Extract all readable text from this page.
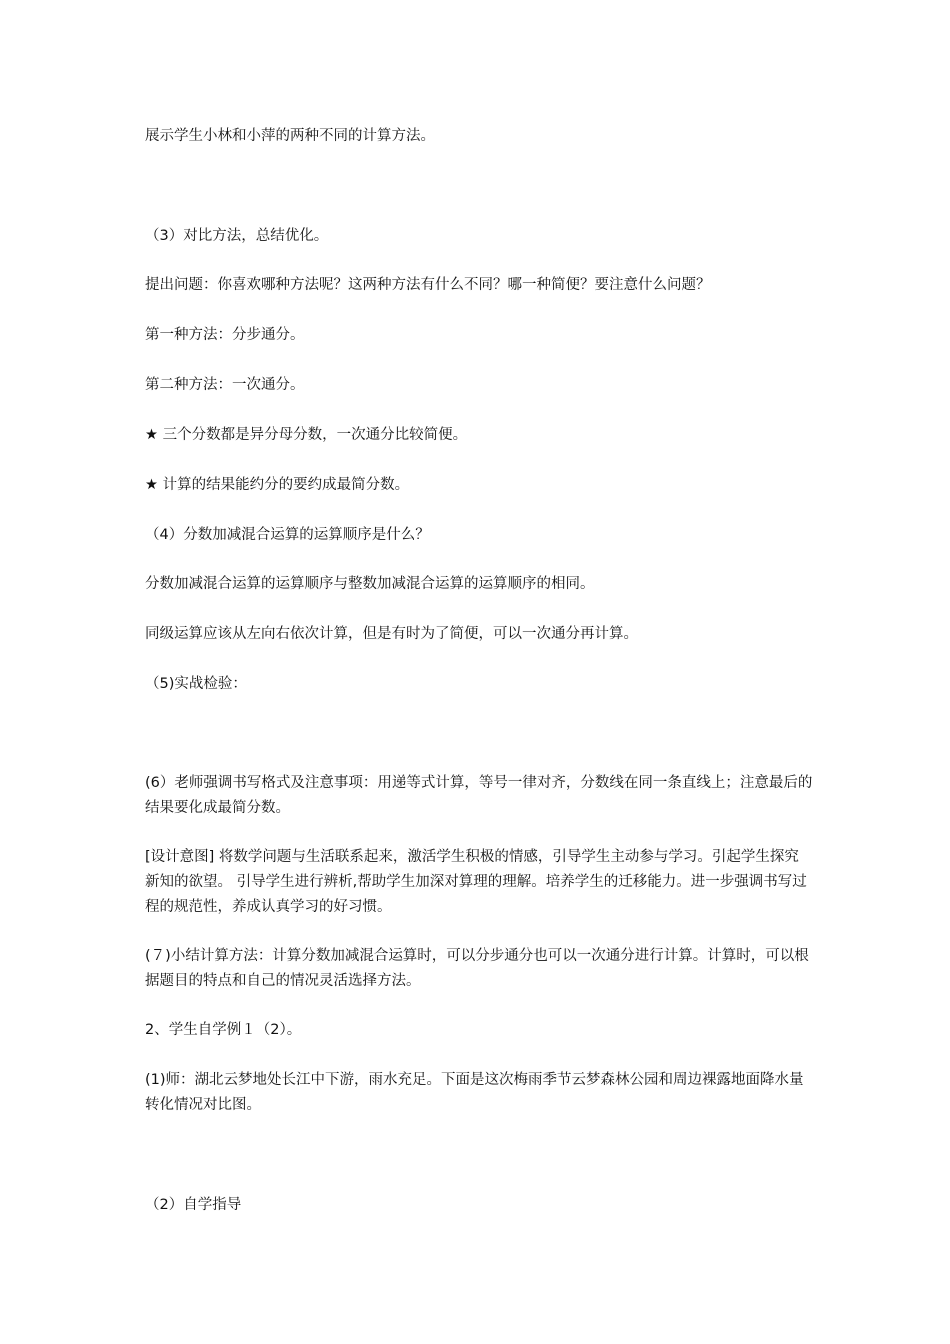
展示学生小林和小萍的两种不同的计算方法。

（3）对比方法，总结优化。

提出问题：你喜欢哪种方法呢？这两种方法有什么不同？哪一种简便？要注意什么问题？

第一种方法：分步通分。

第二种方法：一次通分。

★ 三个分数都是异分母分数，一次通分比较简便。

★ 计算的结果能约分的要约成最简分数。

（4）分数加减混合运算的运算顺序是什么？

分数加减混合运算的运算顺序与整数加减混合运算的运算顺序的相同。

同级运算应该从左向右依次计算，但是有时为了简便，可以一次通分再计算。

（5)实战检验：

(6）老师强调书写格式及注意事项：用递等式计算，等号一律对齐，分数线在同一条直线上；注意最后的结果要化成最简分数。

[设计意图] 将数学问题与生活联系起来，激活学生积极的情感，引导学生主动参与学习。引起学生探究新知的欲望。 引导学生进行辨析,帮助学生加深对算理的理解。培养学生的迁移能力。进一步强调书写过程的规范性，养成认真学习的好习惯。

(７)小结计算方法：计算分数加减混合运算时，可以分步通分也可以一次通分进行计算。计算时，可以根据题目的特点和自己的情况灵活选择方法。

2、学生自学例１（2）。

(1)师：湖北云梦地处长江中下游，雨水充足。下面是这次梅雨季节云梦森林公园和周边裸露地面降水量转化情况对比图。

（2）自学指导
